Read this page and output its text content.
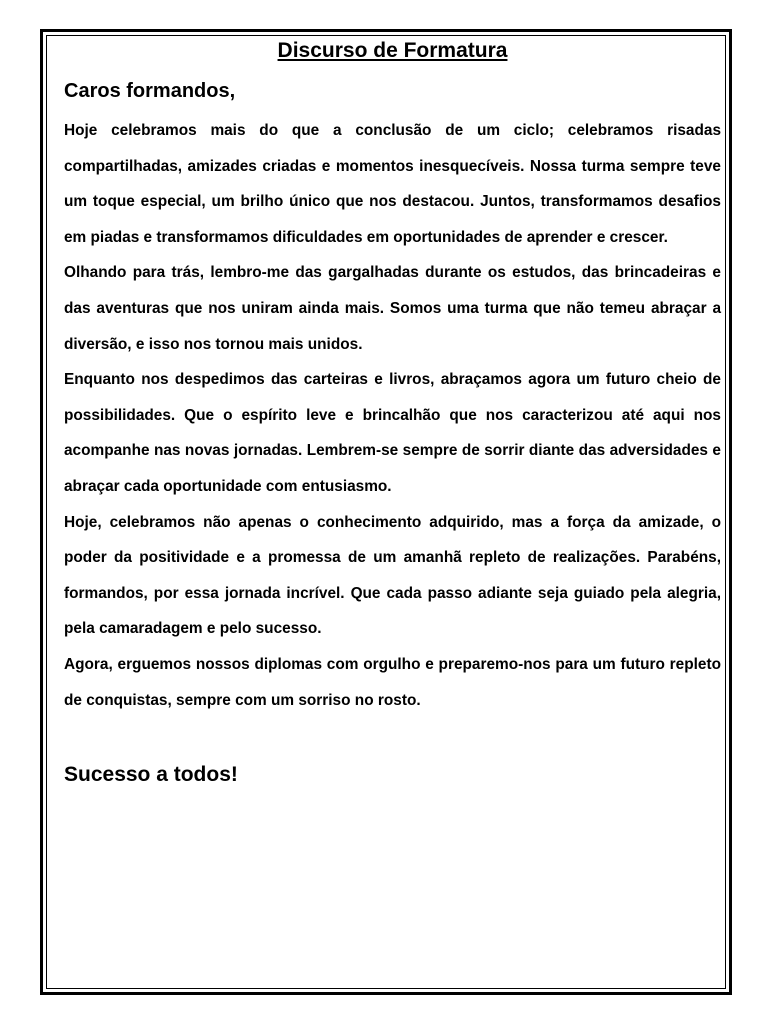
Discurso de Formatura

Caros formandos,

Hoje celebramos mais do que a conclusão de um ciclo; celebramos risadas compartilhadas, amizades criadas e momentos inesquecíveis. Nossa turma sempre teve um toque especial, um brilho único que nos destacou. Juntos, transformamos desafios em piadas e transformamos dificuldades em oportunidades de aprender e crescer.

Olhando para trás, lembro-me das gargalhadas durante os estudos, das brincadeiras e das aventuras que nos uniram ainda mais. Somos uma turma que não temeu abraçar a diversão, e isso nos tornou mais unidos.

Enquanto nos despedimos das carteiras e livros, abraçamos agora um futuro cheio de possibilidades. Que o espírito leve e brincalhão que nos caracterizou até aqui nos acompanhe nas novas jornadas. Lembrem-se sempre de sorrir diante das adversidades e abraçar cada oportunidade com entusiasmo.

Hoje, celebramos não apenas o conhecimento adquirido, mas a força da amizade, o poder da positividade e a promessa de um amanhã repleto de realizações. Parabéns, formandos, por essa jornada incrível. Que cada passo adiante seja guiado pela alegria, pela camaradagem e pelo sucesso.

Agora, erguemos nossos diplomas com orgulho e preparemo-nos para um futuro repleto de conquistas, sempre com um sorriso no rosto.

Sucesso a todos!
